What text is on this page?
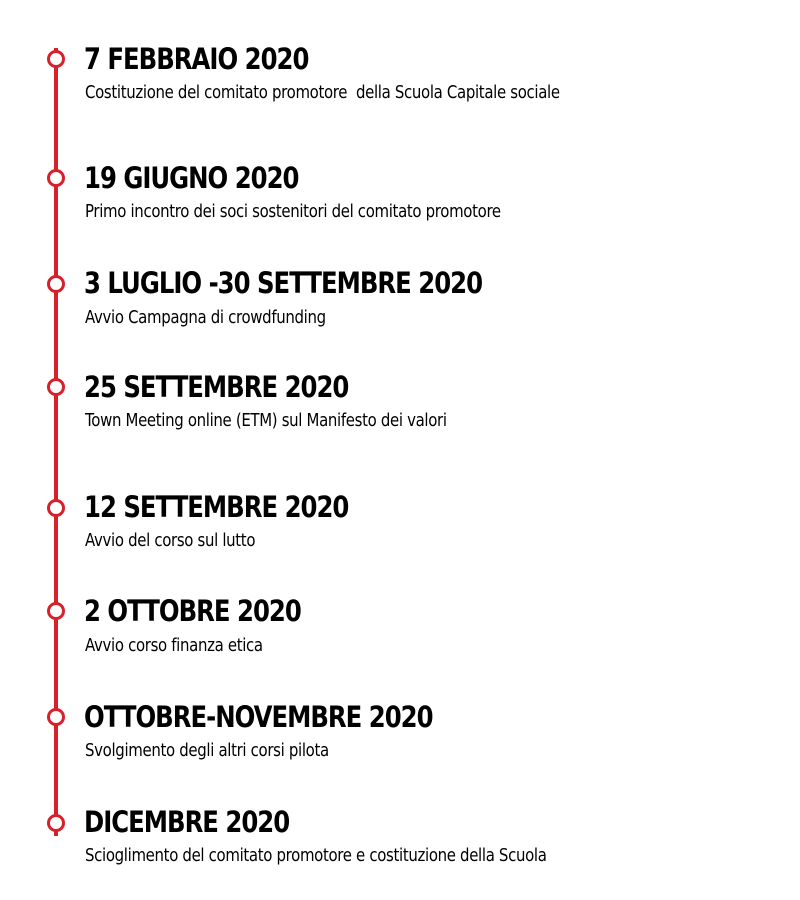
7 FEBBRAIO 2020
Costituzione del comitato promotore  della Scuola Capitale sociale
19 GIUGNO 2020
Primo incontro dei soci sostenitori del comitato promotore
3 LUGLIO -30 SETTEMBRE 2020
Avvio Campagna di crowdfunding
25 SETTEMBRE 2020
Town Meeting online (ETM) sul Manifesto dei valori
12 SETTEMBRE 2020
Avvio del corso sul lutto
2 OTTOBRE 2020
Avvio corso finanza etica
OTTOBRE-NOVEMBRE 2020
Svolgimento degli altri corsi pilota
DICEMBRE 2020
Scioglimento del comitato promotore e costituzione della Scuola
